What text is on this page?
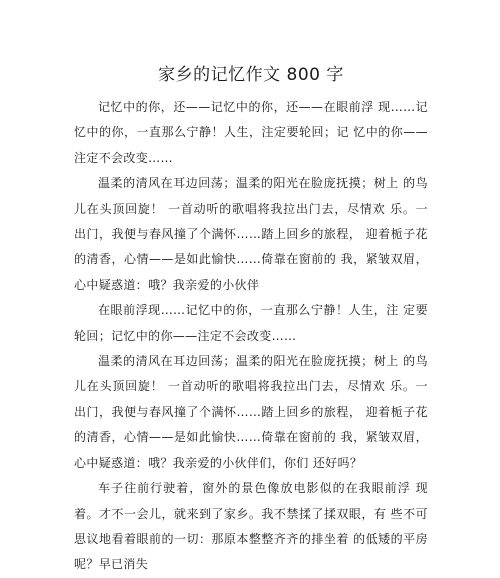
家乡的记忆作文 800 字

记忆中的你，还——记忆中的你，还——在眼前浮 现……记忆中的你，一直那么宁静！人生，注定要轮回；记 忆中的你——注定不会改变……

温柔的清风在耳边回荡；温柔的阳光在脸庞抚摸；树上 的鸟儿在头顶回旋！ 一首动听的歌唱将我拉出门去，尽情欢 乐。一出门，我便与春风撞了个满怀……踏上回乡的旅程， 迎着栀子花的清香，心情——是如此愉快……倚靠在窗前的 我，紧皱双眉，心中疑惑道：哦？我亲爱的小伙伴

在眼前浮现……记忆中的你，一直那么宁静！人生，注 定要轮回；记忆中的你——注定不会改变……

温柔的清风在耳边回荡；温柔的阳光在脸庞抚摸；树上 的鸟儿在头顶回旋！ 一首动听的歌唱将我拉出门去，尽情欢 乐。一出门，我便与春风撞了个满怀……踏上回乡的旅程， 迎着栀子花的清香，心情——是如此愉快……倚靠在窗前的 我，紧皱双眉，心中疑惑道：哦？我亲爱的小伙伴们，你们 还好吗？

车子往前行驶着，窗外的景色像放电影似的在我眼前浮 现着。才不一会儿，就来到了家乡。我不禁揉了揉双眼，有 些不可思议地看着眼前的一切：那原本整整齐齐的排坐着 的低矮的平房呢？早已消失
